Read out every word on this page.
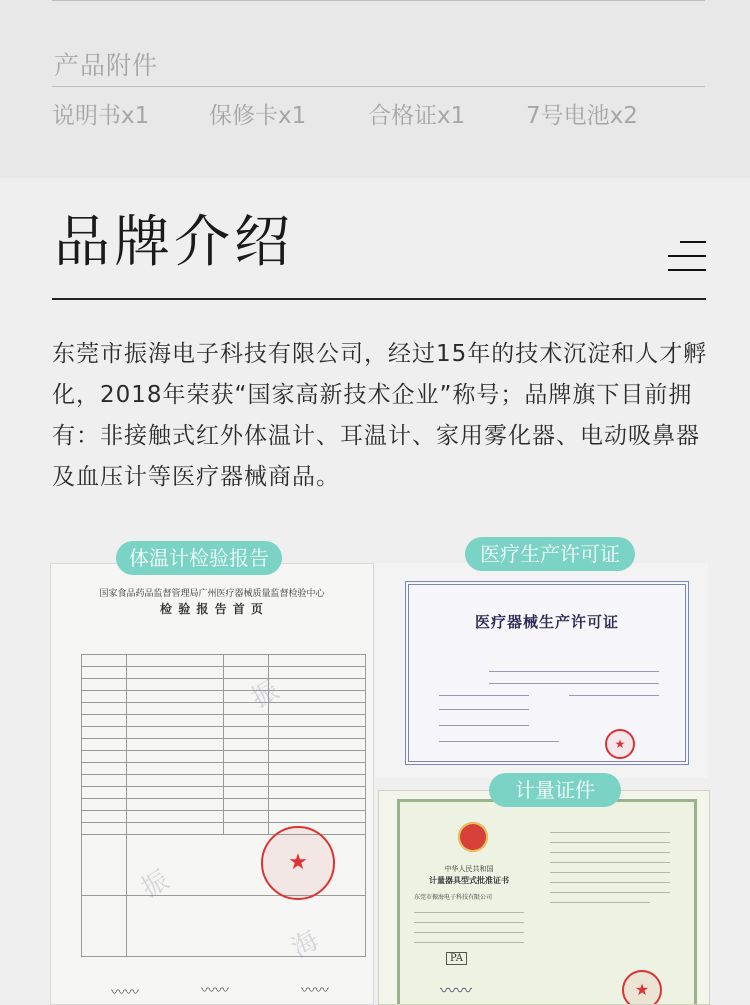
产品附件
说明书x1	保修卡x1	合格证x1	7号电池x2
品牌介绍
东莞市振海电子科技有限公司，经过15年的技术沉淀和人才孵化，2018年荣获“国家高新技术企业”称号；品牌旗下目前拥有：非接触式红外体温计、耳温计、家用雾化器、电动吸鼻器及血压计等医疗器械商品。
体温计检验报告
国家食品药品监督管理局广州医疗器械质量监督检验中心
检 验 报 告 首 页

★
振
振
海
〰〰	〰〰	〰〰
医疗生产许可证
医疗器械生产许可证
★
计量证件
中华人民共和国
计量器具型式批准证书
东莞市振海电子科技有限公司
PA
〰〰	★
